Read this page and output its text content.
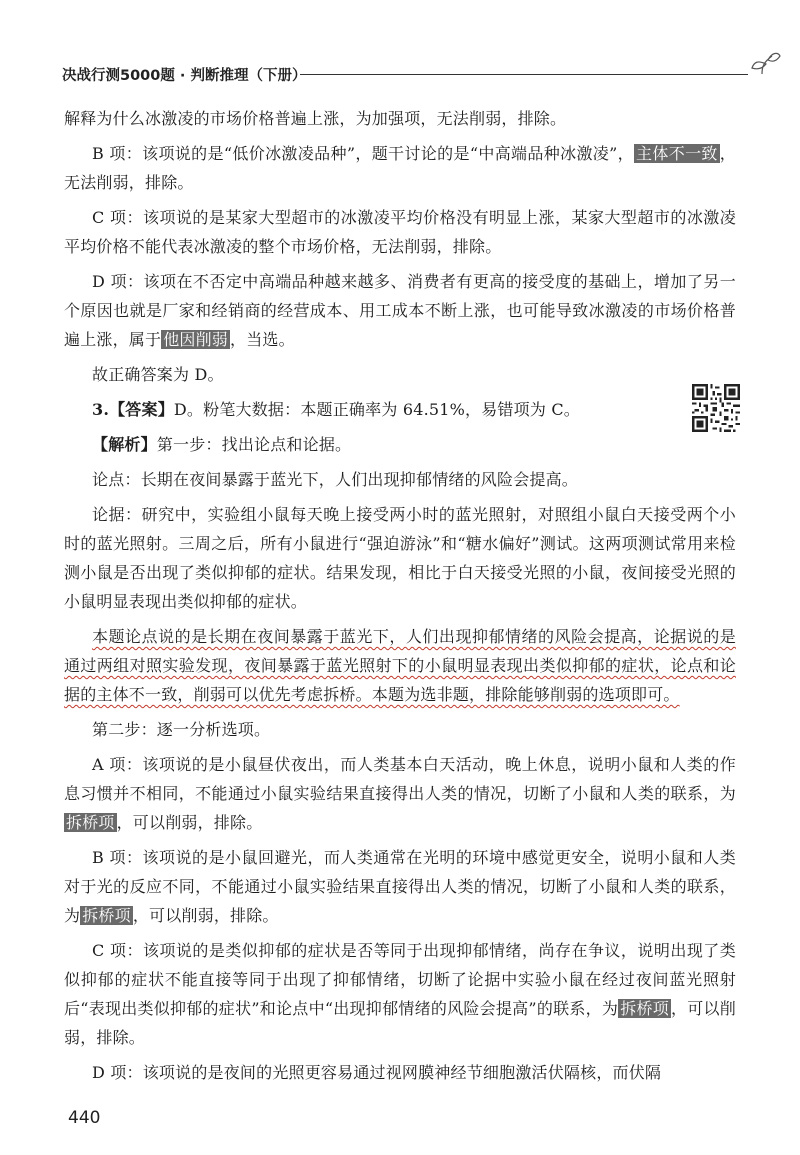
决战行测5000题 · 判断推理（下册）

解释为什么冰激凌的市场价格普遍上涨，为加强项，无法削弱，排除。

B 项：该项说的是“低价冰激凌品种”，题干讨论的是“中高端品种冰激凌”， 主体不一致 ，无法削弱，排除。

C 项：该项说的是某家大型超市的冰激凌平均价格没有明显上涨，某家大型超市的冰激凌平均价格不能代表冰激凌的整个市场价格，无法削弱，排除。

D 项：该项在不否定中高端品种越来越多、消费者有更高的接受度的基础上，增加了另一个原因也就是厂家和经销商的经营成本、用工成本不断上涨，也可能导致冰激凌的市场价格普遍上涨，属于 他因削弱 ，当选。

故正确答案为 D。

3.【答案】D。粉笔大数据：本题正确率为 64.51%，易错项为 C。

【解析】第一步：找出论点和论据。

论点：长期在夜间暴露于蓝光下，人们出现抑郁情绪的风险会提高。

论据：研究中，实验组小鼠每天晚上接受两小时的蓝光照射，对照组小鼠白天接受两个小时的蓝光照射。三周之后，所有小鼠进行“强迫游泳”和“糖水偏好”测试。这两项测试常用来检测小鼠是否出现了类似抑郁的症状。结果发现，相比于白天接受光照的小鼠，夜间接受光照的小鼠明显表现出类似抑郁的症状。

本题论点说的是长期在夜间暴露于蓝光下，人们出现抑郁情绪的风险会提高，论据说的是通过两组对照实验发现，夜间暴露于蓝光照射下的小鼠明显表现出类似抑郁的症状，论点和论据的主体不一致，削弱可以优先考虑拆桥。本题为选非题，排除能够削弱的选项即可。

第二步：逐一分析选项。

A 项：该项说的是小鼠昼伏夜出，而人类基本白天活动，晚上休息，说明小鼠和人类的作息习惯并不相同，不能通过小鼠实验结果直接得出人类的情况，切断了小鼠和人类的联系，为拆桥项 ，可以削弱，排除。

B 项：该项说的是小鼠回避光，而人类通常在光明的环境中感觉更安全，说明小鼠和人类对于光的反应不同，不能通过小鼠实验结果直接得出人类的情况，切断了小鼠和人类的联系，为 拆桥项 ，可以削弱，排除。

C 项：该项说的是类似抑郁的症状是否等同于出现抑郁情绪，尚存在争议，说明出现了类似抑郁的症状不能直接等同于出现了抑郁情绪，切断了论据中实验小鼠在经过夜间蓝光照射后“表现出类似抑郁的症状”和论点中“出现抑郁情绪的风险会提高”的联系，为 拆桥项 ，可以削弱，排除。

D 项：该项说的是夜间的光照更容易通过视网膜神经节细胞激活伏隔核，而伏隔

440
